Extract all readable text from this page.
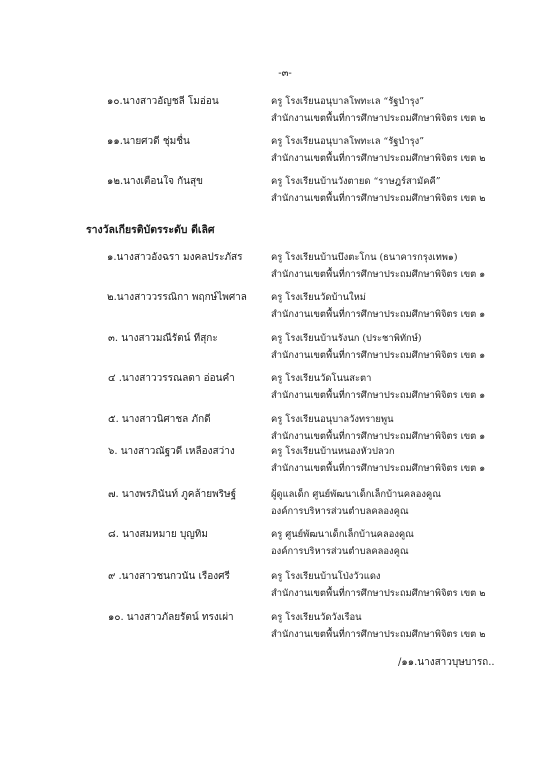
-๓-
๑๐.นางสาวอัญชลี โมอ่อน	ครู โรงเรียนอนุบาลโพทะเล “รัฐบำรุง”
สำนักงานเขตพื้นที่การศึกษาประถมศึกษาพิจิตร เขต ๒
๑๑.นายศวดี ชุ่มชื่น	ครู โรงเรียนอนุบาลโพทะเล “รัฐบำรุง”
สำนักงานเขตพื้นที่การศึกษาประถมศึกษาพิจิตร เขต ๒
๑๒.นางเตือนใจ กันสุข	ครู โรงเรียนบ้านวังตายด “ราษฎร์สามัคคี”
สำนักงานเขตพื้นที่การศึกษาประถมศึกษาพิจิตร เขต ๒
รางวัลเกียรติบัตรระดับ ดีเลิศ
๑.นางสาวอังฉรา มงคลประภัสร	ครู โรงเรียนบ้านบึงตะโกน (ธนาคารกรุงเทพ๑)
สำนักงานเขตพื้นที่การศึกษาประถมศึกษาพิจิตร เขต ๑
๒.นางสาววรรณิกา พฤกษ์ไพศาล	ครู โรงเรียนวัดบ้านใหม่
สำนักงานเขตพื้นที่การศึกษาประถมศึกษาพิจิตร เขต ๑
๓. นางสาวมณีรัตน์ ทีสุกะ	ครู โรงเรียนบ้านรังนก (ประชาพิทักษ์)
สำนักงานเขตพื้นที่การศึกษาประถมศึกษาพิจิตร เขต ๑
๔ .นางสาววรรณลดา อ่อนคำ	ครู โรงเรียนวัดโนนสะตา
สำนักงานเขตพื้นที่การศึกษาประถมศึกษาพิจิตร เขต ๑
๕. นางสาวนิศาชล ภักดี	ครู โรงเรียนอนุบาลวังทรายพูน
สำนักงานเขตพื้นที่การศึกษาประถมศึกษาพิจิตร เขต ๑
๖. นางสาวณัฐวดี เหลืองสว่าง	ครู โรงเรียนบ้านหนองหัวปลวก
สำนักงานเขตพื้นที่การศึกษาประถมศึกษาพิจิตร เขต ๑
๗. นางพรภินันท์ ภูคล้ายพริษฐ์	ผู้ดูแลเด็ก ศูนย์พัฒนาเด็กเล็กบ้านคลองคูณ
องค์การบริหารส่วนตำบลคลองคูณ
๘. นางสมหมาย บุญทิม	ครู ศูนย์พัฒนาเด็กเล็กบ้านคลองคูณ
องค์การบริหารส่วนตำบลคลองคูณ
๙ .นางสาวชนกวนัน เรืองศรี	ครู โรงเรียนบ้านโป่งวัวแดง
สำนักงานเขตพื้นที่การศึกษาประถมศึกษาพิจิตร เขต ๒
๑๐. นางสาวภัลยรัตน์ ทรงเผ่า	ครู โรงเรียนวัดวังเรือน
สำนักงานเขตพื้นที่การศึกษาประถมศึกษาพิจิตร เขต ๒
/๑๑.นางสาวบุษบารถ..
